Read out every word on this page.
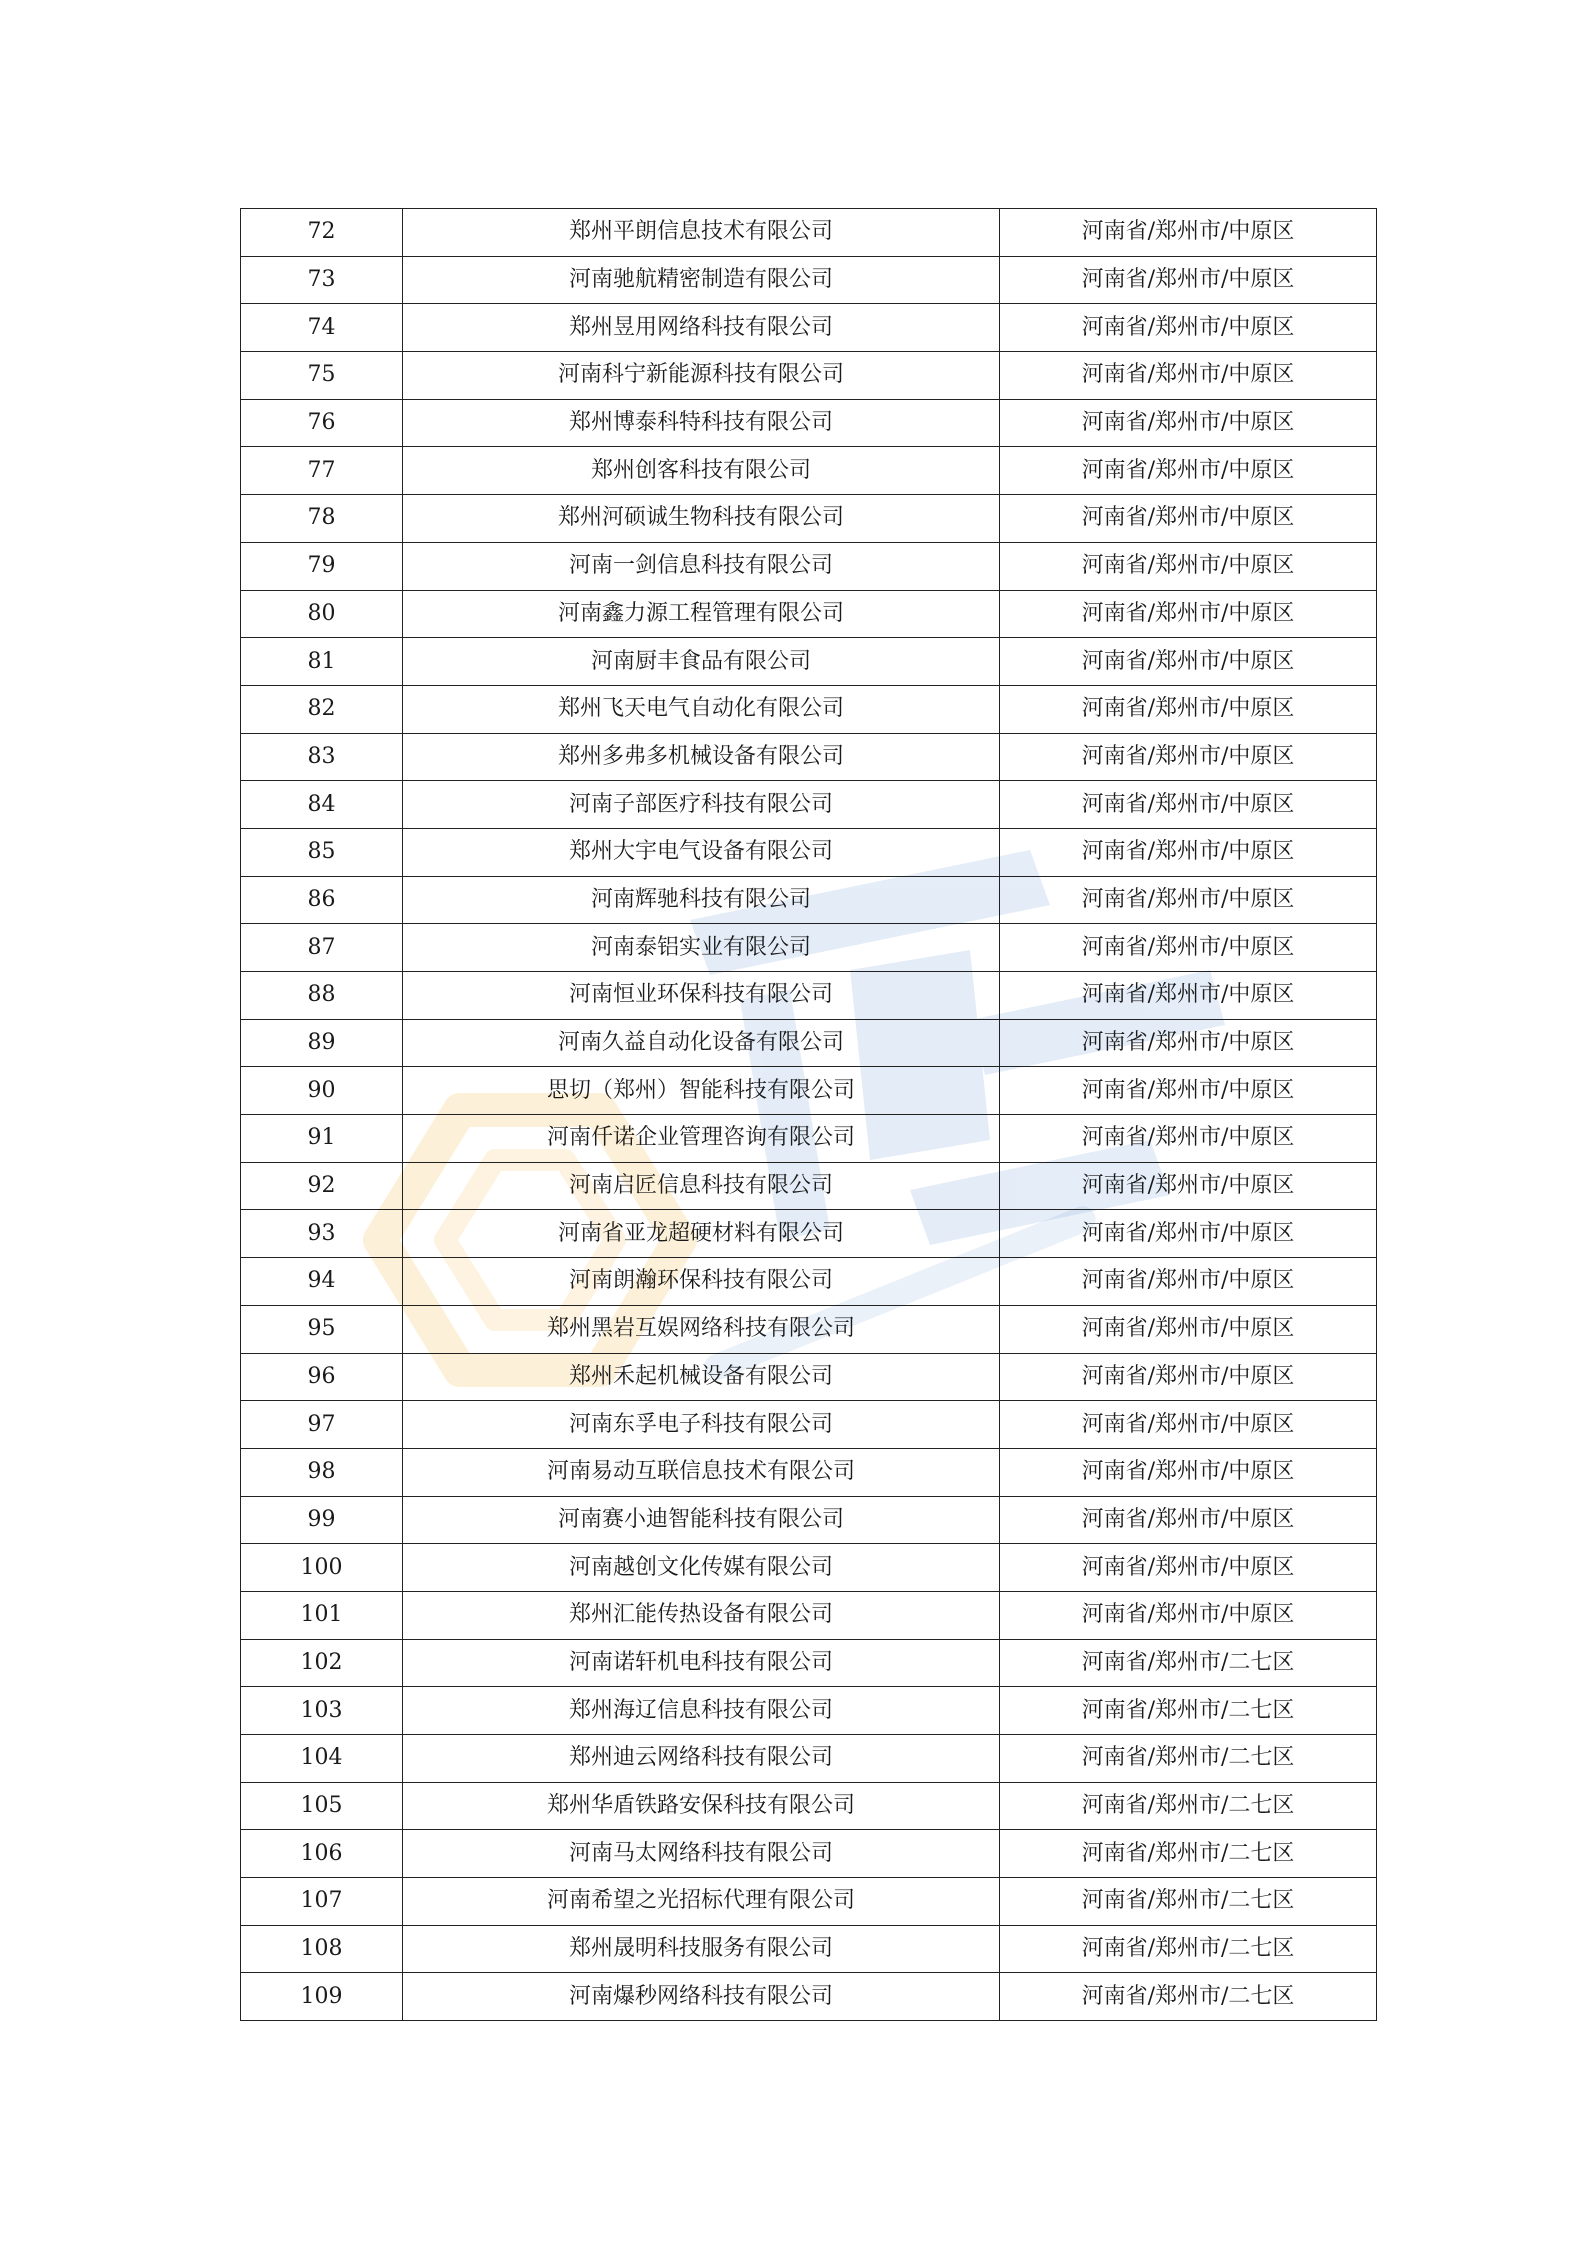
72	郑州平朗信息技术有限公司	河南省/郑州市/中原区
73	河南驰航精密制造有限公司	河南省/郑州市/中原区
74	郑州昱用网络科技有限公司	河南省/郑州市/中原区
75	河南科宁新能源科技有限公司	河南省/郑州市/中原区
76	郑州博泰科特科技有限公司	河南省/郑州市/中原区
77	郑州创客科技有限公司	河南省/郑州市/中原区
78	郑州河硕诚生物科技有限公司	河南省/郑州市/中原区
79	河南一剑信息科技有限公司	河南省/郑州市/中原区
80	河南鑫力源工程管理有限公司	河南省/郑州市/中原区
81	河南厨丰食品有限公司	河南省/郑州市/中原区
82	郑州飞天电气自动化有限公司	河南省/郑州市/中原区
83	郑州多弗多机械设备有限公司	河南省/郑州市/中原区
84	河南子部医疗科技有限公司	河南省/郑州市/中原区
85	郑州大宇电气设备有限公司	河南省/郑州市/中原区
86	河南辉驰科技有限公司	河南省/郑州市/中原区
87	河南泰铝实业有限公司	河南省/郑州市/中原区
88	河南恒业环保科技有限公司	河南省/郑州市/中原区
89	河南久益自动化设备有限公司	河南省/郑州市/中原区
90	思切（郑州）智能科技有限公司	河南省/郑州市/中原区
91	河南仟诺企业管理咨询有限公司	河南省/郑州市/中原区
92	河南启匠信息科技有限公司	河南省/郑州市/中原区
93	河南省亚龙超硬材料有限公司	河南省/郑州市/中原区
94	河南朗瀚环保科技有限公司	河南省/郑州市/中原区
95	郑州黑岩互娱网络科技有限公司	河南省/郑州市/中原区
96	郑州禾起机械设备有限公司	河南省/郑州市/中原区
97	河南东孚电子科技有限公司	河南省/郑州市/中原区
98	河南易动互联信息技术有限公司	河南省/郑州市/中原区
99	河南赛小迪智能科技有限公司	河南省/郑州市/中原区
100	河南越创文化传媒有限公司	河南省/郑州市/中原区
101	郑州汇能传热设备有限公司	河南省/郑州市/中原区
102	河南诺轩机电科技有限公司	河南省/郑州市/二七区
103	郑州海辽信息科技有限公司	河南省/郑州市/二七区
104	郑州迪云网络科技有限公司	河南省/郑州市/二七区
105	郑州华盾铁路安保科技有限公司	河南省/郑州市/二七区
106	河南马太网络科技有限公司	河南省/郑州市/二七区
107	河南希望之光招标代理有限公司	河南省/郑州市/二七区
108	郑州晟明科技服务有限公司	河南省/郑州市/二七区
109	河南爆秒网络科技有限公司	河南省/郑州市/二七区
